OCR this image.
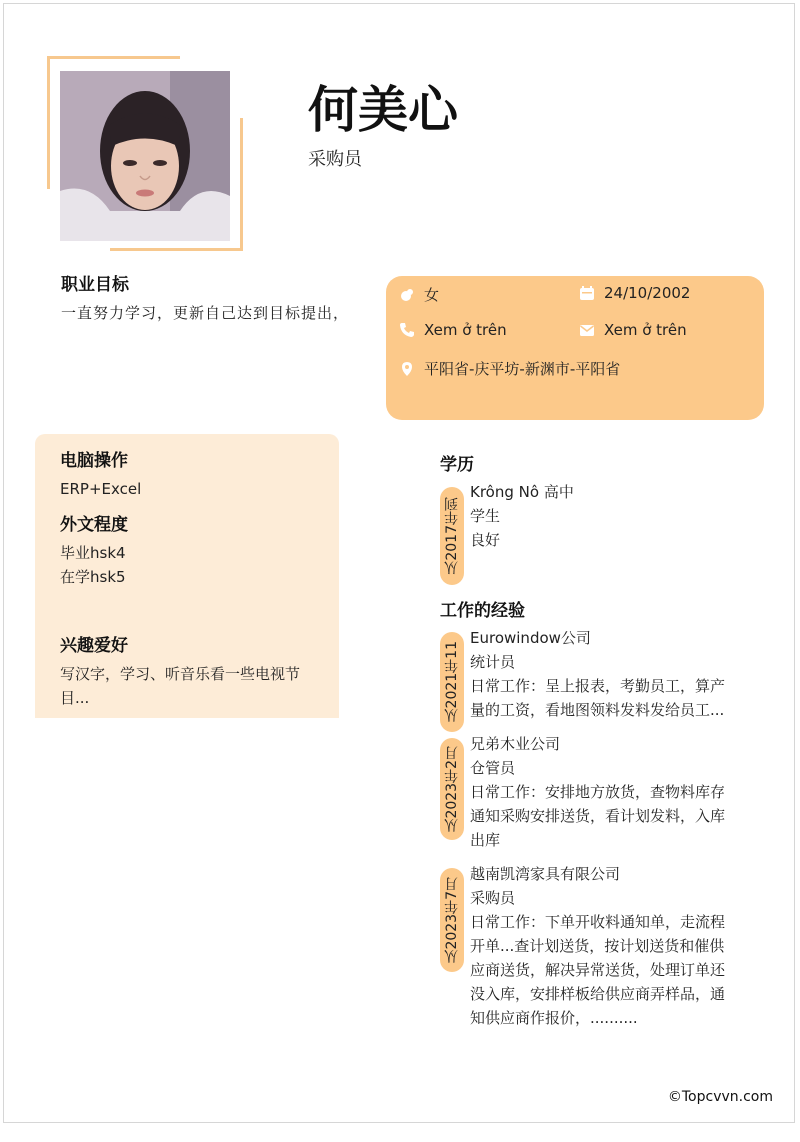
何美心
采购员
职业目标
一直努力学习，更新自己达到目标提出，
女	24/10/2002
Xem ở trên	Xem ở trên
平阳省-庆平坊-新渊市-平阳省
电脑操作
ERP+Excel
外文程度
毕业hsk4
在学hsk5
兴趣爱好
写汉字，学习、听音乐看一些电视节目...
学历
从2017年到
Krông Nô 高中
学生
良好
工作的经验
从2021年11
Eurowindow公司
统计员
日常工作：呈上报表，考勤员工，算产
量的工资，看地图领料发料发给员工...
从2023年2月
兄弟木业公司
仓管员
日常工作：安排地方放货，查物料库存
通知采购安排送货，看计划发料，入库
出库
从2023年7月
越南凯湾家具有限公司
采购员
日常工作：下单开收料通知单，走流程
开单...查计划送货，按计划送货和催供
应商送货，解决异常送货，处理订单还
没入库，安排样板给供应商弄样品，通
知供应商作报价，..........
©Topcvvn.com
